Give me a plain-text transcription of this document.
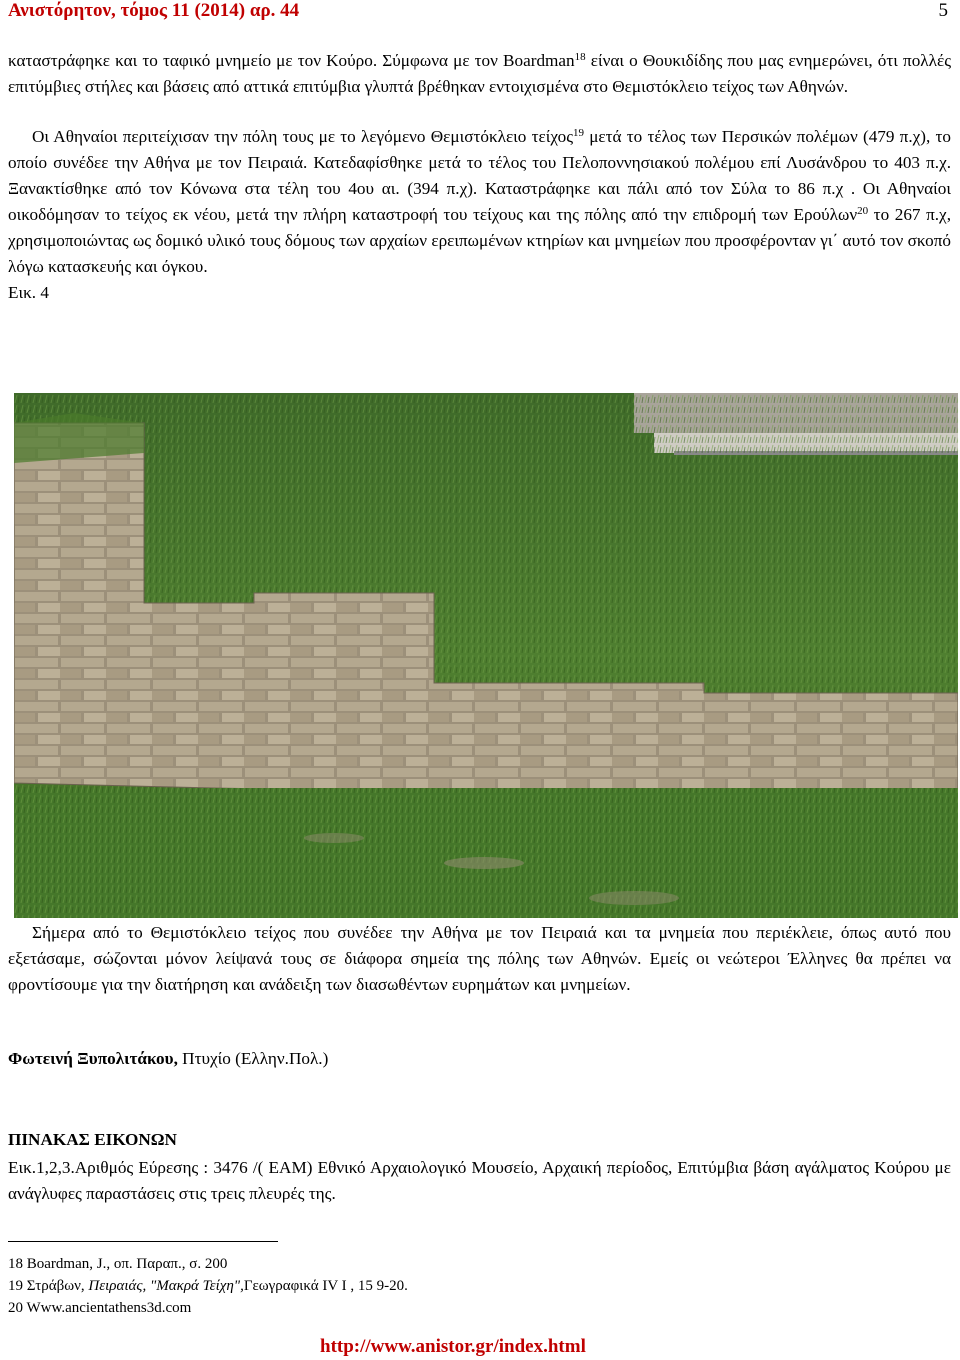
Ανιστόρητον, τόμος 11 (2014) αρ. 44	5

καταστράφηκε και το ταφικό μνημείο με τον Κούρο. Σύμφωνα με τον Boardman$^{18}$ είναι ο Θουκιδίδης που μας ενημερώνει, ότι πολλές επιτύμβιες στήλες και βάσεις από αττικά επιτύμβια γλυπτά βρέθηκαν εντοιχισμένα στο Θεμιστόκλειο τείχος των Αθηνών.

Οι Αθηναίοι περιτείχισαν την πόλη τους με το λεγόμενο Θεμιστόκλειο τείχος$^{19}$ μετά το τέλος των Περσικών πολέμων (479 π.χ), το οποίο συνέδεε την Αθήνα με τον Πειραιά. Κατεδαφίσθηκε μετά το τέλος του Πελοποννησιακού πολέμου επί Λυσάνδρου το 403 π.χ. Ξανακτίσθηκε από τον Κόνωνα στα τέλη του 4ου αι. (394 π.χ). Καταστράφηκε και πάλι από τον Σύλα το 86 π.χ . Οι Αθηναίοι οικοδόμησαν το τείχος εκ νέου, μετά την πλήρη καταστροφή του τείχους και της πόλης από την επιδρομή των Ερούλων$^{20}$ το 267 π.χ, χρησιμοποιώντας ως δομικό υλικό τους δόμους των αρχαίων ερειπωμένων κτηρίων και μνημείων που προσφέρονταν γι΄ αυτό τον σκοπό λόγω κατασκευής και όγκου.
Εικ. 4

Σήμερα από το Θεμιστόκλειο τείχος που συνέδεε την Αθήνα με τον Πειραιά και τα μνημεία που περιέκλειε, όπως αυτό που εξετάσαμε, σώζονται μόνον λείψανά τους σε διάφορα σημεία της πόλης των Αθηνών. Εμείς οι νεώτεροι Έλληνες θα πρέπει να φροντίσουμε για την διατήρηση και ανάδειξη των διασωθέντων ευρημάτων και μνημείων.

Φωτεινή Ξυπολιτάκου, Πτυχίο (Ελλην.Πολ.)
ΠΙΝΑΚΑΣ ΕΙΚΟΝΩΝ

Εικ.1,2,3.Αριθμός Εύρεσης : 3476 /( ΕΑΜ) Εθνικό Αρχαιολογικό Μουσείο, Αρχαική περίοδος, Επιτύμβια βάση αγάλματος Κούρου με ανάγλυφες παραστάσεις στις τρεις πλευρές της.

18 Boardman, J., οπ. Παραπ., σ. 200
19 Στράβων, Πειραιάς, "Μακρά Τείχη",Γεωγραφικά IV Ι , 15 9-20.
20 Www.ancientathens3d.com
http://www.anistor.gr/index.html
